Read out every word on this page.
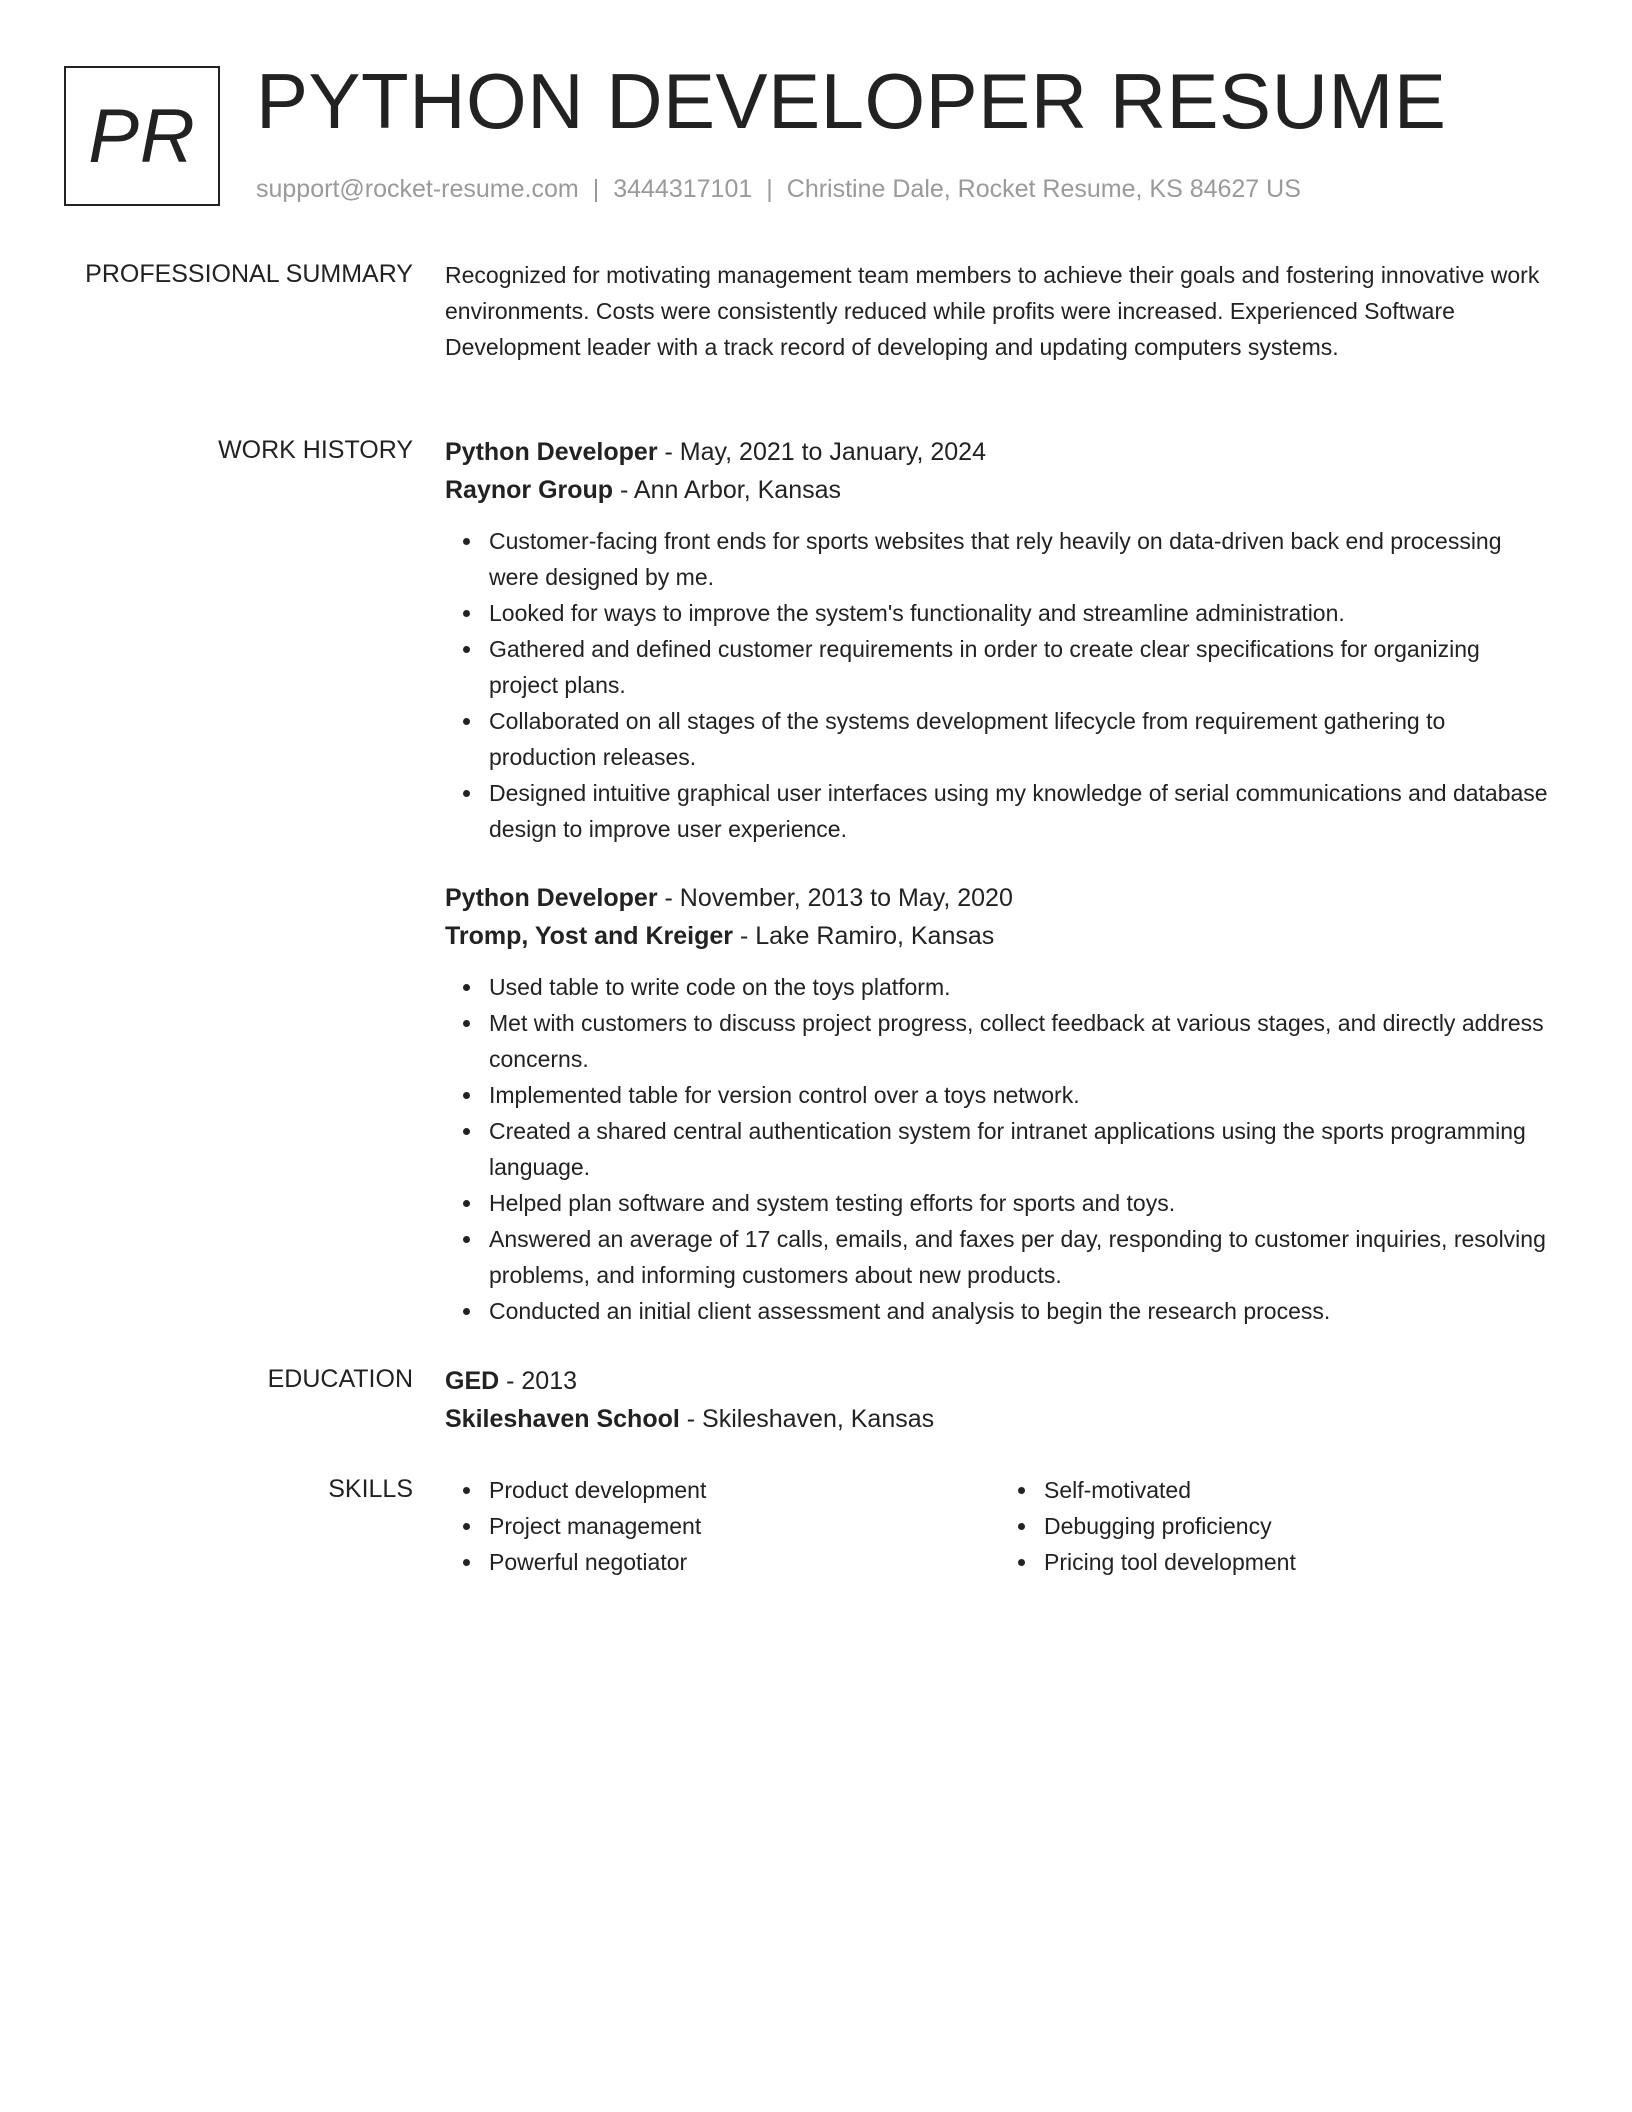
PR PYTHON DEVELOPER RESUME
support@rocket-resume.com | 3444317101 | Christine Dale, Rocket Resume, KS 84627 US
PROFESSIONAL SUMMARY Recognized for motivating management team members to achieve their goals and fostering innovative work environments. Costs were consistently reduced while profits were increased. Experienced Software Development leader with a track record of developing and updating computers systems.

WORK HISTORY Python Developer - May, 2021 to January, 2024
Raynor Group - Ann Arbor, Kansas
Customer-facing front ends for sports websites that rely heavily on data-driven back end processing were designed by me.
Looked for ways to improve the system's functionality and streamline administration.
Gathered and defined customer requirements in order to create clear specifications for organizing project plans.
Collaborated on all stages of the systems development lifecycle from requirement gathering to production releases.
Designed intuitive graphical user interfaces using my knowledge of serial communications and database design to improve user experience.
Python Developer - November, 2013 to May, 2020
Tromp, Yost and Kreiger - Lake Ramiro, Kansas
Used table to write code on the toys platform.
Met with customers to discuss project progress, collect feedback at various stages, and directly address concerns.
Implemented table for version control over a toys network.
Created a shared central authentication system for intranet applications using the sports programming language.
Helped plan software and system testing efforts for sports and toys.
Answered an average of 17 calls, emails, and faxes per day, responding to customer inquiries, resolving problems, and informing customers about new products.
Conducted an initial client assessment and analysis to begin the research process.
EDUCATION GED - 2013
Skileshaven School - Skileshaven, Kansas
SKILLS	Product development
Project management
Powerful negotiator
Self-motivated
Debugging proficiency
Pricing tool development
